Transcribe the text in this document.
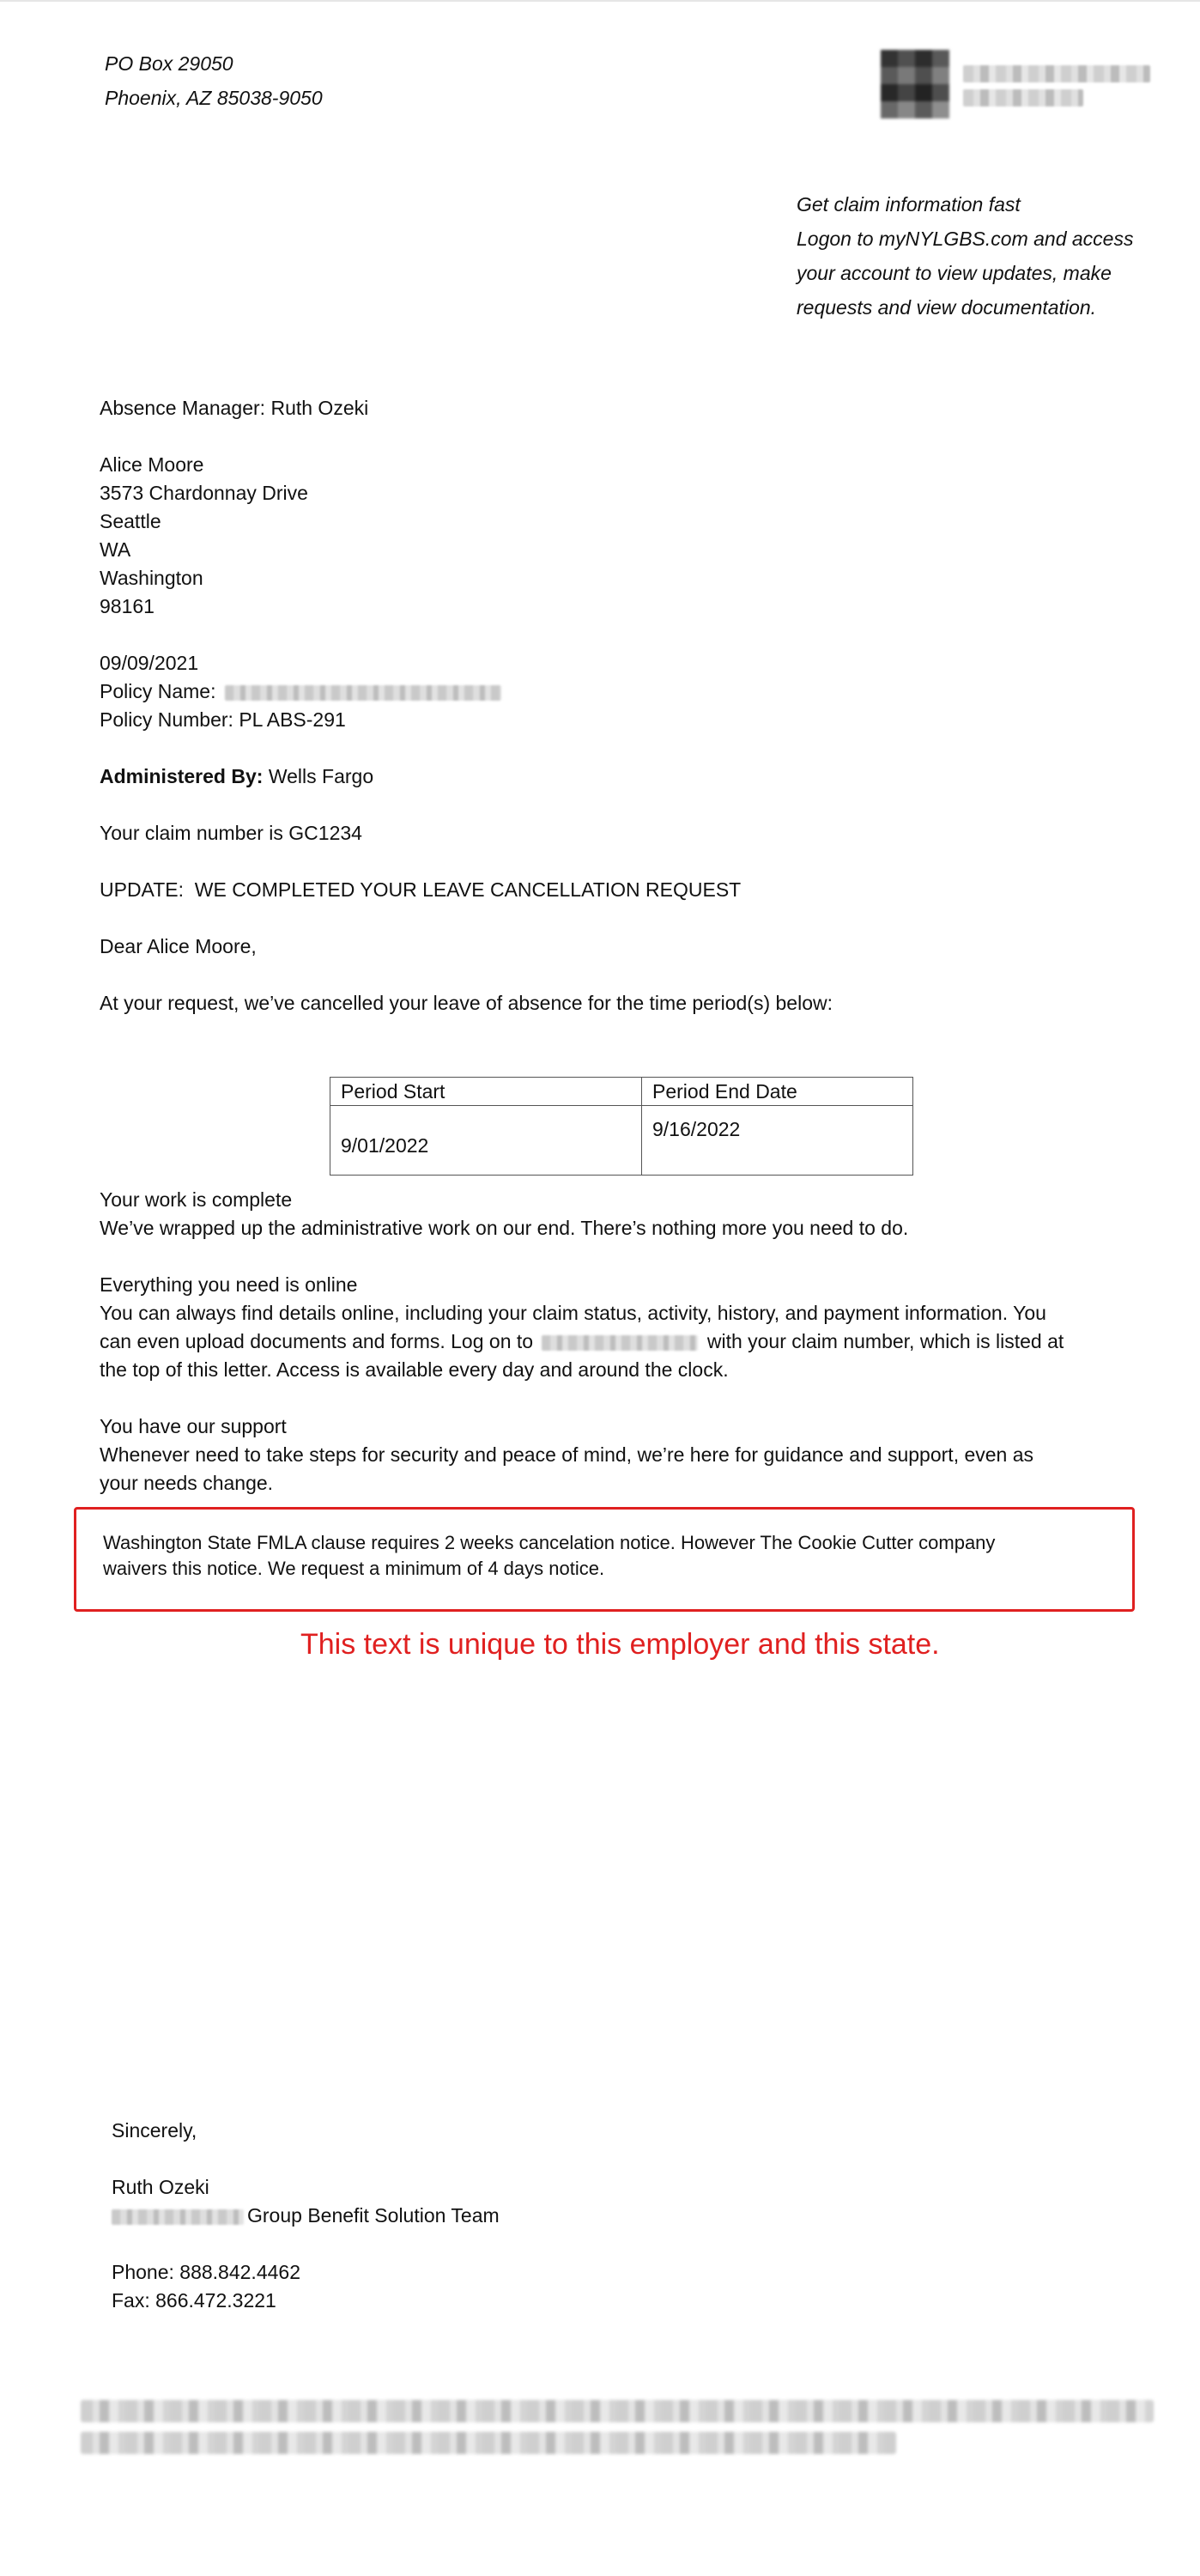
PO Box 29050
Phoenix, AZ 85038-9050
Get claim information fast
Logon to myNYLGBS.com and access
your account to view updates, make
requests and view documentation.

Absence Manager: Ruth Ozeki

Alice Moore

3573 Chardonnay Drive

Seattle

WA

Washington

98161

09/09/2021

Policy Name:

Policy Number: PL ABS-291

Administered By: Wells Fargo

Your claim number is GC1234

UPDATE:  WE COMPLETED YOUR LEAVE CANCELLATION REQUEST

Dear Alice Moore,

At your request, we’ve cancelled your leave of absence for the time period(s) below:

Period Start	Period End Date
9/01/2022	9/16/2022

Your work is complete

We’ve wrapped up the administrative work on our end. There’s nothing more you need to do.

Everything you need is online

You can always find details online, including your claim status, activity, history, and payment information. You

can even upload documents and forms. Log on to	with your claim number, which is listed at

the top of this letter. Access is available every day and around the clock.

You have our support

Whenever need to take steps for security and peace of mind, we’re here for guidance and support, even as

your needs change.

Washington State FMLA clause requires 2 weeks cancelation notice. However The Cookie Cutter company
waivers this notice. We request a minimum of 4 days notice.
This text is unique to this employer and this state.

Sincerely,

Ruth Ozeki

Group Benefit Solution Team

Phone: 888.842.4462

Fax: 866.472.3221
